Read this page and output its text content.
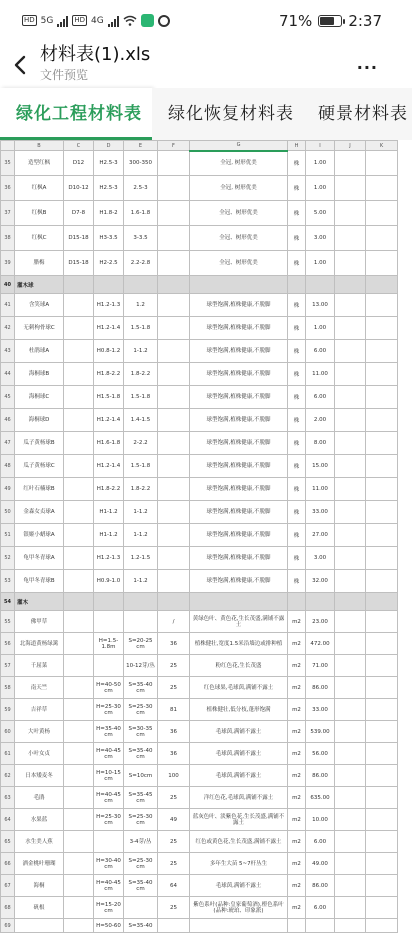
HD 5G	HD 4G	71% 2:37
材料表(1).xls
文件预览	···
绿化工程材料表	绿化恢复材料表	硬景材料表
	B	C	D	E	F	G	H	I	J	K
35	造型红枫	D12	H2.5-3	300-350		全冠, 树形优美	株	1.00		
36	红枫A	D10-12	H2.5-3	2.5-3		全冠, 树形优美	株	1.00		
37	红枫B	D7-8	H1.8-2	1.6-1.8		全冠、树形优美	株	5.00		
38	红枫C	D15-18	H3-3.5	3-3.5		全冠、树形优美	株	3.00		
39	腊梅	D15-18	H2-2.5	2.2-2.8		全冠、树形优美	株	1.00		
40	灌木球									
41	含笑球A		H1.2-1.3	1.2		球型饱满,植株健康,不脱脚	株	13.00		
42	无刺枸骨球C		H1.2-1.4	1.5-1.8		球型饱满,植株健康,不脱脚	株	1.00		
43	杜鹃球A		H0.8-1.2	1-1.2		球型饱满,植株健康,不脱脚	株	6.00		
44	海桐球B		H1.8-2.2	1.8-2.2		球型饱满,植株健康,不脱脚	株	11.00		
45	海桐球C		H1.5-1.8	1.5-1.8		球型饱满,植株健康,不脱脚	株	6.00		
46	海桐球D		H1.2-1.4	1.4-1.5		球型饱满,植株健康,不脱脚	株	2.00		
47	瓜子黄杨球B		H1.6-1.8	2-2.2		球型饱满,植株健康,不脱脚	株	8.00		
48	瓜子黄杨球C		H1.2-1.4	1.5-1.8		球型饱满,植株健康,不脱脚	株	15.00		
49	红叶石楠球B		H1.8-2.2	1.8-2.2		球型饱满,植株健康,不脱脚	株	11.00		
50	金森女贞球A		H1-1.2	1-1.2		球型饱满,植株健康,不脱脚	株	33.00		
51	银姬小蜡球A		H1-1.2	1-1.2		球型饱满,植株健康,不脱脚	株	27.00		
52	龟甲冬青球A		H1.2-1.3	1.2-1.5		球型饱满,植株健康,不脱脚	株	3.00		
53	龟甲冬青球B		H0.9-1.0	1-1.2		球型饱满,植株健康,不脱脚	株	32.00		
54	灌木									
55	佛甲草				/	黄绿色叶、黄色花,生长茂盛,满铺不露土	m2	23.00		
56	北海道黄杨绿篱		H=1.5-1.8m	S=20-25 cm	36	植株健壮,宽度1.5米沿墙边或排种植	m2	472.00		
57	千屈菜			10-12芽/丛	25	粉红色花,生长茂盛	m2	71.00		
58	南天竺		H=40-50 cm	S=35-40 cm	25	红色球果,毛球茵,满铺不露土	m2	86.00		
59	吉祥草		H=25-30 cm	S=25-30 cm	81	植株健壮,低分枝,蓬形饱满	m2	33.00		
60	大叶黄杨		H=35-40 cm	S=30-35 cm	36	毛球茵,满铺不露土	m2	539.00		
61	小叶女贞		H=40-45 cm	S=35-40 cm	36	毛球茵,满铺不露土	m2	56.00		
62	日本矮麦冬		H=10-15 cm	S=10cm	100	毛球茵,满铺不露土	m2	86.00		
63	毛鹃		H=40-45 cm	S=35-45 cm	25	洋红色花,毛球茵,满铺不露土	m2	635.00		
64	水果蓝		H=25-30 cm	S=25-30 cm	49	蓝灰色叶、淡紫色花,生长茂盛,满铺不露土	m2	10.00		
65	水生美人蕉			3-4芽/丛	25	红色或黄色花,生长茂盛,满铺不露土	m2	6.00		
66	洒金桃叶珊瑚		H=30-40 cm	S=25-30 cm	25	多年生大苗 5~7杆丛生	m2	49.00		
67	海桐		H=40-45 cm	S=35-40 cm	64	毛球茵,满铺不露土	m2	86.00		
68	矾根		H=15-20 cm		25	紫色系叶(品种:皇家葡萄酒),橙色系叶(品种:琥珀、印象派)	m2	6.00		
69			H=50-60	S=35-40						
